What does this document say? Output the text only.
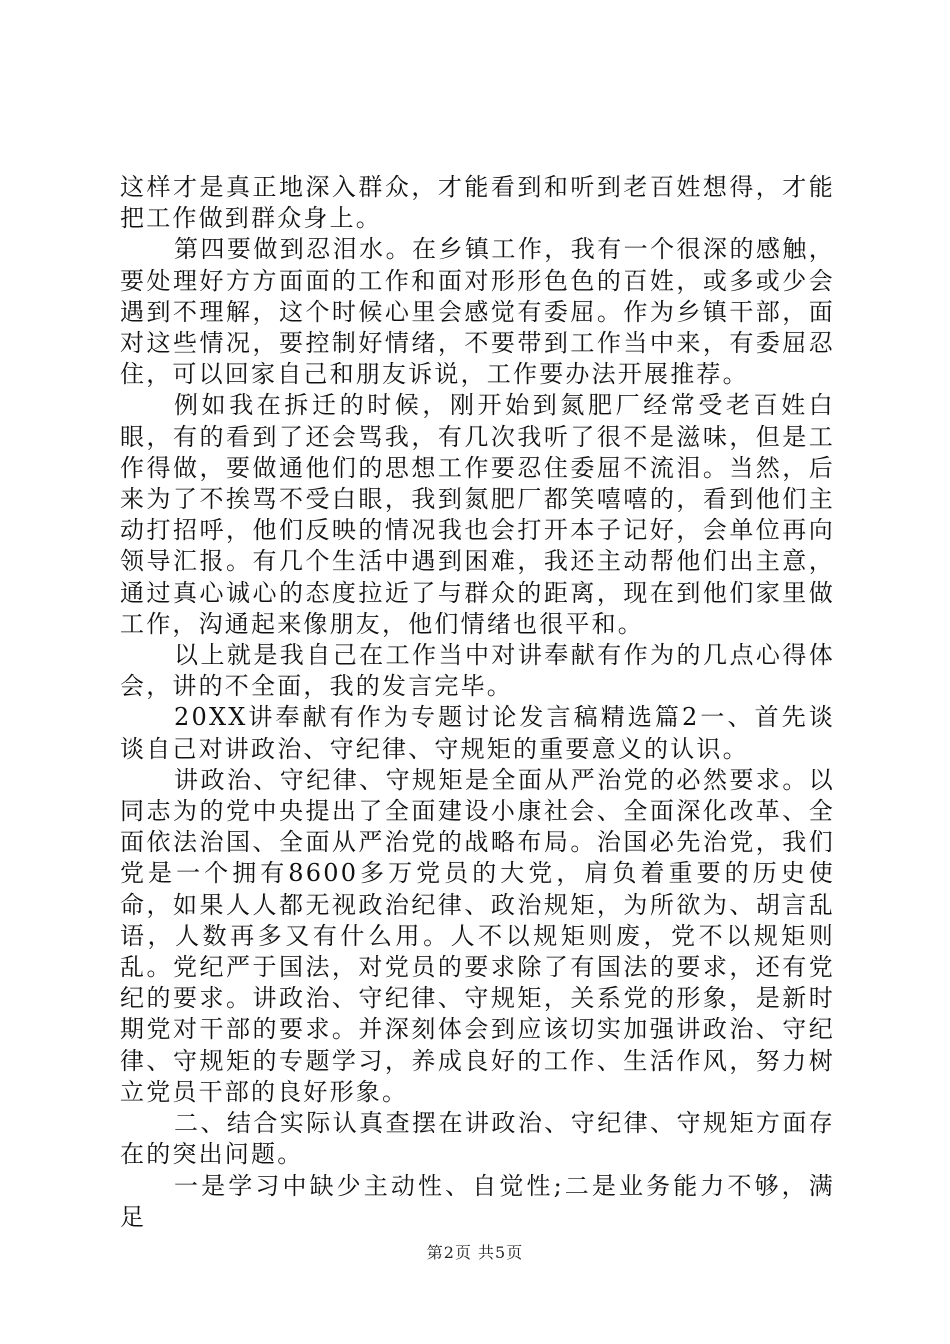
这样才是真正地深入群众，才能看到和听到老百姓想得，才能把工作做到群众身上。

第四要做到忍泪水。在乡镇工作，我有一个很深的感触，要处理好方方面面的工作和面对形形色色的百姓，或多或少会遇到不理解，这个时候心里会感觉有委屈。作为乡镇干部，面对这些情况，要控制好情绪，不要带到工作当中来，有委屈忍住，可以回家自己和朋友诉说，工作要办法开展推荐。

例如我在拆迁的时候，刚开始到氮肥厂经常受老百姓白眼，有的看到了还会骂我，有几次我听了很不是滋味，但是工作得做，要做通他们的思想工作要忍住委屈不流泪。当然，后来为了不挨骂不受白眼，我到氮肥厂都笑嘻嘻的，看到他们主动打招呼，他们反映的情况我也会打开本子记好，会单位再向领导汇报。有几个生活中遇到困难，我还主动帮他们出主意，通过真心诚心的态度拉近了与群众的距离，现在到他们家里做工作，沟通起来像朋友，他们情绪也很平和。

以上就是我自己在工作当中对讲奉献有作为的几点心得体会，讲的不全面，我的发言完毕。

20XX讲奉献有作为专题讨论发言稿精选篇2一、首先谈谈自己对讲政治、守纪律、守规矩的重要意义的认识。

讲政治、守纪律、守规矩是全面从严治党的必然要求。以同志为的党中央提出了全面建设小康社会、全面深化改革、全面依法治国、全面从严治党的战略布局。治国必先治党，我们党是一个拥有8600多万党员的大党，肩负着重要的历史使命，如果人人都无视政治纪律、政治规矩，为所欲为、胡言乱语，人数再多又有什么用。人不以规矩则废，党不以规矩则乱。党纪严于国法，对党员的要求除了有国法的要求，还有党纪的要求。讲政治、守纪律、守规矩，关系党的形象，是新时期党对干部的要求。并深刻体会到应该切实加强讲政治、守纪律、守规矩的专题学习，养成良好的工作、生活作风，努力树立党员干部的良好形象。

二、结合实际认真查摆在讲政治、守纪律、守规矩方面存在的突出问题。

一是学习中缺少主动性、自觉性;二是业务能力不够，满足

第2页 共5页
